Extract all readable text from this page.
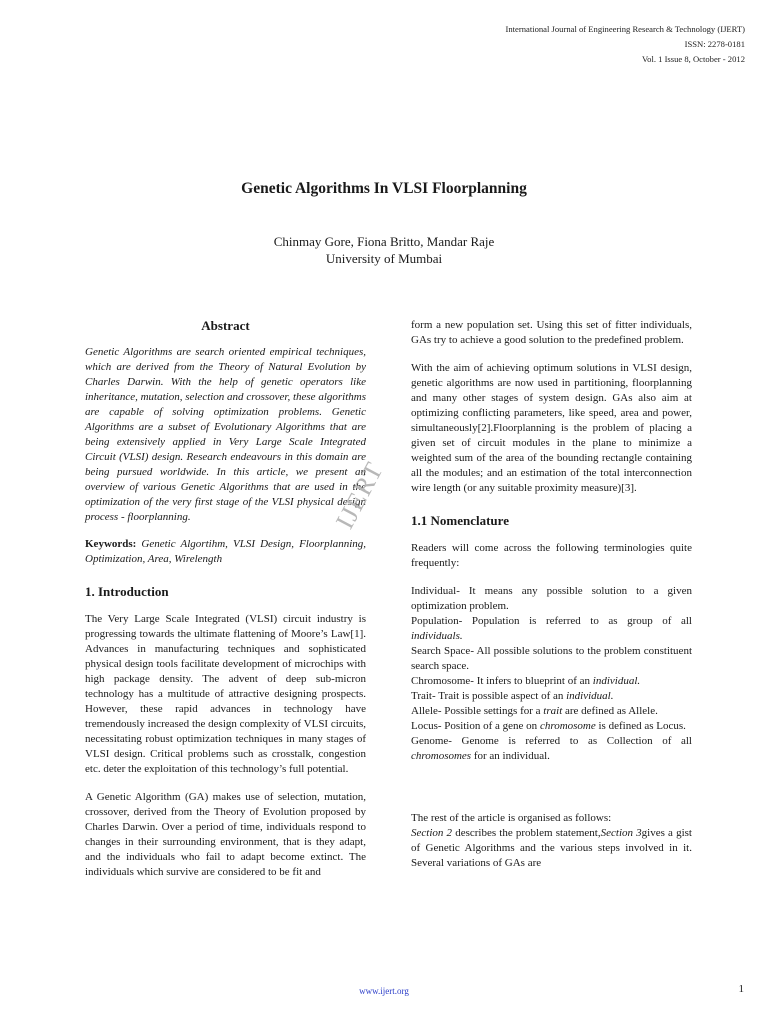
International Journal of Engineering Research & Technology (IJERT)
ISSN: 2278-0181
Vol. 1 Issue 8, October - 2012
Genetic Algorithms In VLSI Floorplanning
Chinmay Gore, Fiona Britto, Mandar Raje
University of Mumbai
Abstract

Genetic Algorithms are search oriented empirical techniques, which are derived from the Theory of Natural Evolution by Charles Darwin. With the help of genetic operators like inheritance, mutation, selection and crossover, these algorithms are capable of solving optimization problems. Genetic Algorithms are a subset of Evolutionary Algorithms that are being extensively applied in Very Large Scale Integrated Circuit (VLSI) design. Research endeavours in this domain are being pursued worldwide. In this article, we present an overview of various Genetic Algorithms that are used in the optimization of the very first stage of the VLSI physical design process - floorplanning.

Keywords: Genetic Algortihm, VLSI Design, Floorplanning, Optimization, Area, Wirelength

1. Introduction

The Very Large Scale Integrated (VLSI) circuit industry is progressing towards the ultimate flattening of Moore’s Law[1]. Advances in manufacturing techniques and sophisticated physical design tools facilitate development of microchips with high package density. The advent of deep sub-micron technology has a multitude of attractive designing prospects. However, these rapid advances in technology have tremendously increased the design complexity of VLSI circuits, necessitating robust optimization techniques in many stages of VLSI design. Critical problems such as crosstalk, congestion etc. deter the exploitation of this technology’s full potential.

A Genetic Algorithm (GA) makes use of selection, mutation, crossover, derived from the Theory of Evolution proposed by Charles Darwin. Over a period of time, individuals respond to changes in their surrounding environment, that is they adapt, and the individuals who fail to adapt become extinct. The individuals which survive are considered to be fit and

form a new population set. Using this set of fitter individuals, GAs try to achieve a good solution to the predefined problem.

With the aim of achieving optimum solutions in VLSI design, genetic algorithms are now used in partitioning, floorplanning and many other stages of system design. GAs also aim at optimizing conflicting parameters, like speed, area and power, simultaneously[2].Floorplanning is the problem of placing a given set of circuit modules in the plane to minimize a weighted sum of the area of the bounding rectangle containing all the modules; and an estimation of the total interconnection wire length (or any suitable proximity measure)[3].

1.1 Nomenclature

Readers will come across the following terminologies quite frequently:

Individual- It means any possible solution to a given optimization problem.

Population- Population is referred to as group of all individuals.

Search Space- All possible solutions to the problem constituent search space.

Chromosome- It infers to blueprint of an individual.

Trait- Trait is possible aspect of an individual.

Allele- Possible settings for a trait are defined as Allele.

Locus- Position of a gene on chromosome is defined as Locus.

Genome- Genome is referred to as Collection of all chromosomes for an individual.

The rest of the article is organised as follows:

Section 2 describes the problem statement,Section 3gives a gist of Genetic Algorithms and the various steps involved in it. Several variations of GAs are

IJERT
www.ijert.org	1
